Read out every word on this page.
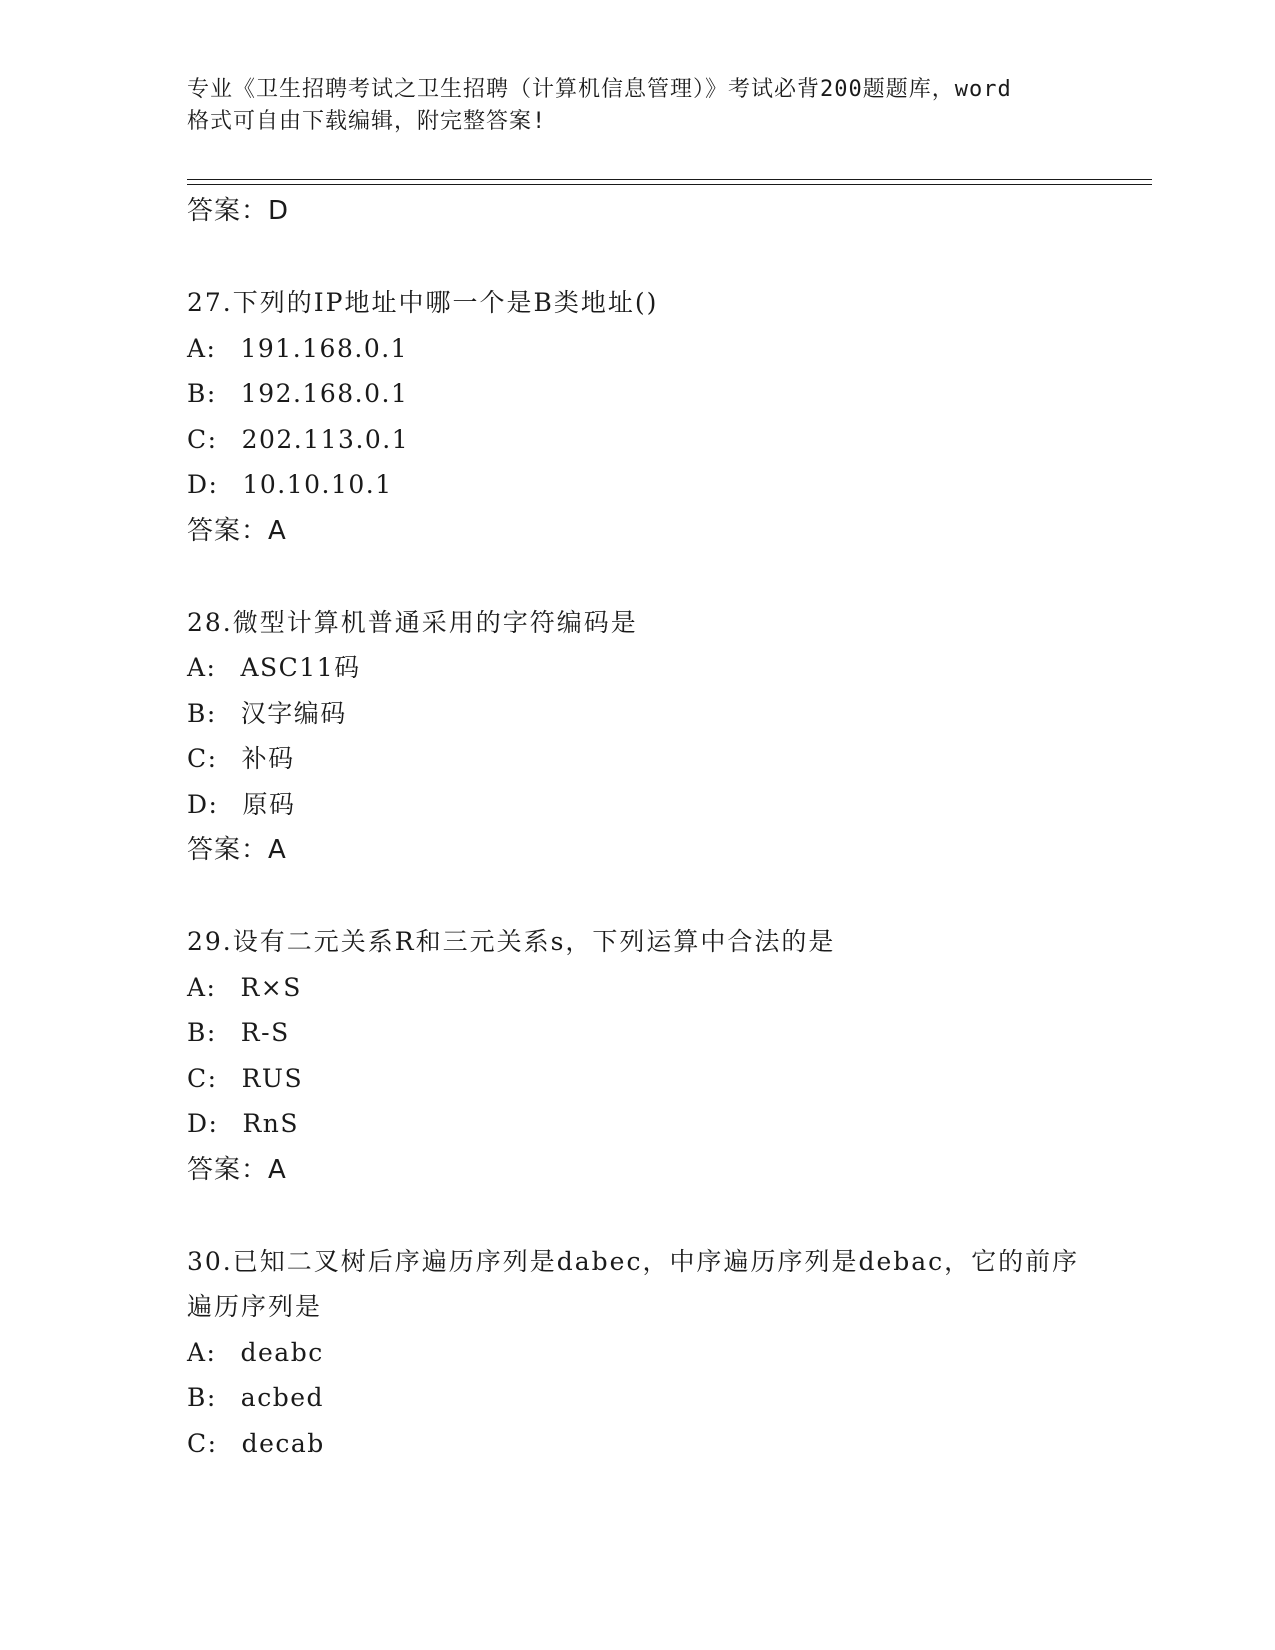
专业《卫生招聘考试之卫生招聘（计算机信息管理）》考试必背200题题库，word
格式可自由下载编辑，附完整答案!
答案：D
27.下列的IP地址中哪一个是B类地址()
A: 191.168.0.1
B: 192.168.0.1
C: 202.113.0.1
D: 10.10.10.1
答案：A
28.微型计算机普通采用的字符编码是
A: ASC11码
B: 汉字编码
C: 补码
D: 原码
答案：A
29.设有二元关系R和三元关系s，下列运算中合法的是
A: R×S
B: R-S
C: RUS
D: RnS
答案：A
30.已知二叉树后序遍历序列是dabec，中序遍历序列是debac，它的前序遍历序列是
A: deabc
B: acbed
C: decab
